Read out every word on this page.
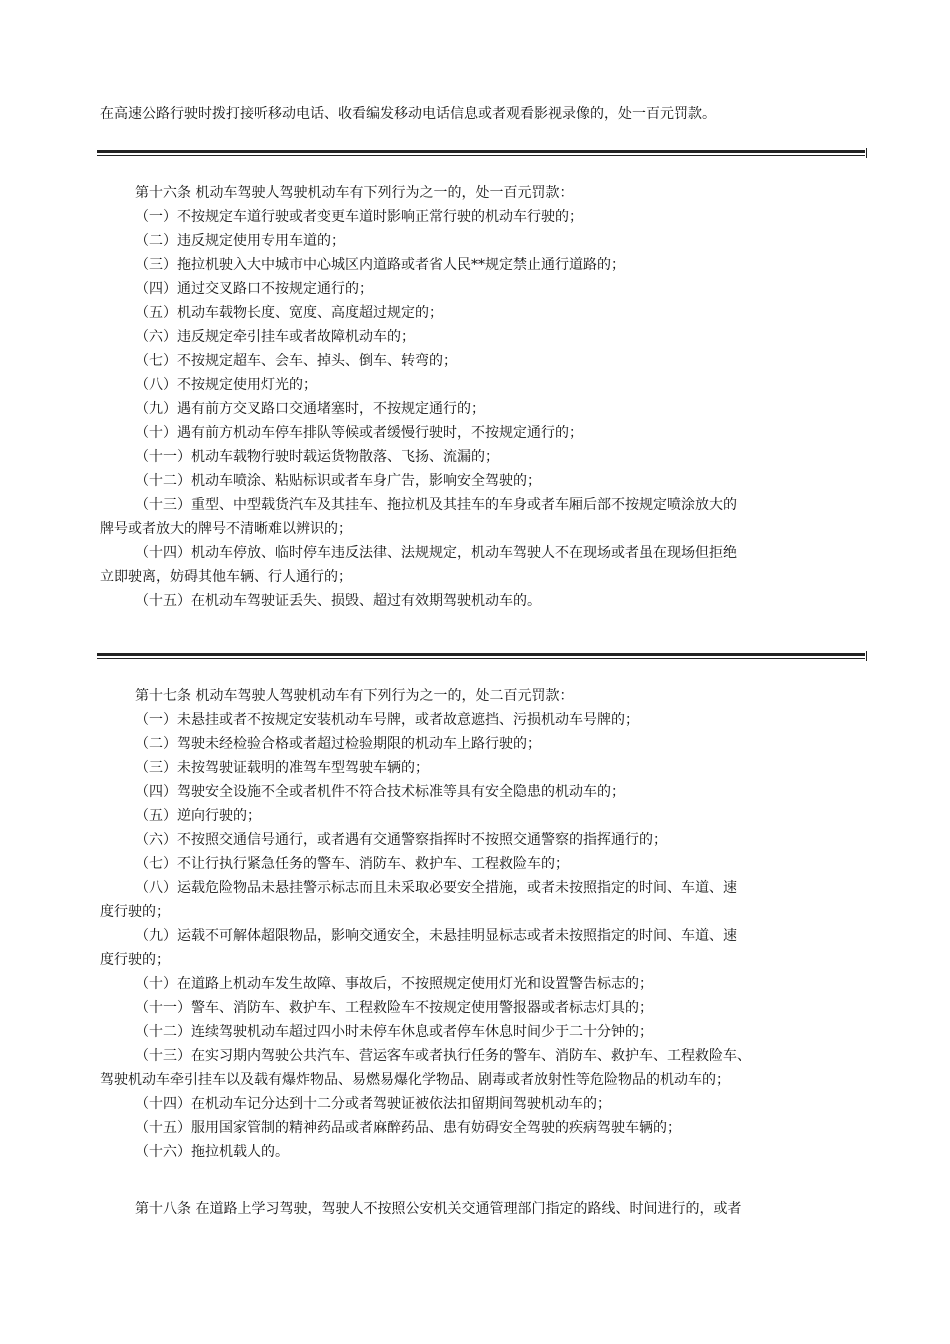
在高速公路行驶时拨打接听移动电话、收看编发移动电话信息或者观看影视录像的，处一百元罚款。
第十六条 机动车驾驶人驾驶机动车有下列行为之一的，处一百元罚款：
（一）不按规定车道行驶或者变更车道时影响正常行驶的机动车行驶的；
（二）违反规定使用专用车道的；
（三）拖拉机驶入大中城市中心城区内道路或者省人民**规定禁止通行道路的；
（四）通过交叉路口不按规定通行的；
（五）机动车载物长度、宽度、高度超过规定的；
（六）违反规定牵引挂车或者故障机动车的；
（七）不按规定超车、会车、掉头、倒车、转弯的；
（八）不按规定使用灯光的；
（九）遇有前方交叉路口交通堵塞时，不按规定通行的；
（十）遇有前方机动车停车排队等候或者缓慢行驶时，不按规定通行的；
（十一）机动车载物行驶时载运货物散落、飞扬、流漏的；
（十二）机动车喷涂、粘贴标识或者车身广告，影响安全驾驶的；
（十三）重型、中型载货汽车及其挂车、拖拉机及其挂车的车身或者车厢后部不按规定喷涂放大的
牌号或者放大的牌号不清晰难以辨识的；
（十四）机动车停放、临时停车违反法律、法规规定，机动车驾驶人不在现场或者虽在现场但拒绝
立即驶离，妨碍其他车辆、行人通行的；
（十五）在机动车驾驶证丢失、损毁、超过有效期驾驶机动车的。
第十七条 机动车驾驶人驾驶机动车有下列行为之一的，处二百元罚款：
（一）未悬挂或者不按规定安装机动车号牌，或者故意遮挡、污损机动车号牌的；
（二）驾驶未经检验合格或者超过检验期限的机动车上路行驶的；
（三）未按驾驶证载明的准驾车型驾驶车辆的；
（四）驾驶安全设施不全或者机件不符合技术标准等具有安全隐患的机动车的；
（五）逆向行驶的；
（六）不按照交通信号通行，或者遇有交通警察指挥时不按照交通警察的指挥通行的；
（七）不让行执行紧急任务的警车、消防车、救护车、工程救险车的；
（八）运载危险物品未悬挂警示标志而且未采取必要安全措施，或者未按照指定的时间、车道、速
度行驶的；
（九）运载不可解体超限物品，影响交通安全，未悬挂明显标志或者未按照指定的时间、车道、速
度行驶的；
（十）在道路上机动车发生故障、事故后，不按照规定使用灯光和设置警告标志的；
（十一）警车、消防车、救护车、工程救险车不按规定使用警报器或者标志灯具的；
（十二）连续驾驶机动车超过四小时未停车休息或者停车休息时间少于二十分钟的；
（十三）在实习期内驾驶公共汽车、营运客车或者执行任务的警车、消防车、救护车、工程救险车、
驾驶机动车牵引挂车以及载有爆炸物品、易燃易爆化学物品、剧毒或者放射性等危险物品的机动车的；
（十四）在机动车记分达到十二分或者驾驶证被依法扣留期间驾驶机动车的；
（十五）服用国家管制的精神药品或者麻醉药品、患有妨碍安全驾驶的疾病驾驶车辆的；
（十六）拖拉机载人的。
第十八条 在道路上学习驾驶，驾驶人不按照公安机关交通管理部门指定的路线、时间进行的，或者
